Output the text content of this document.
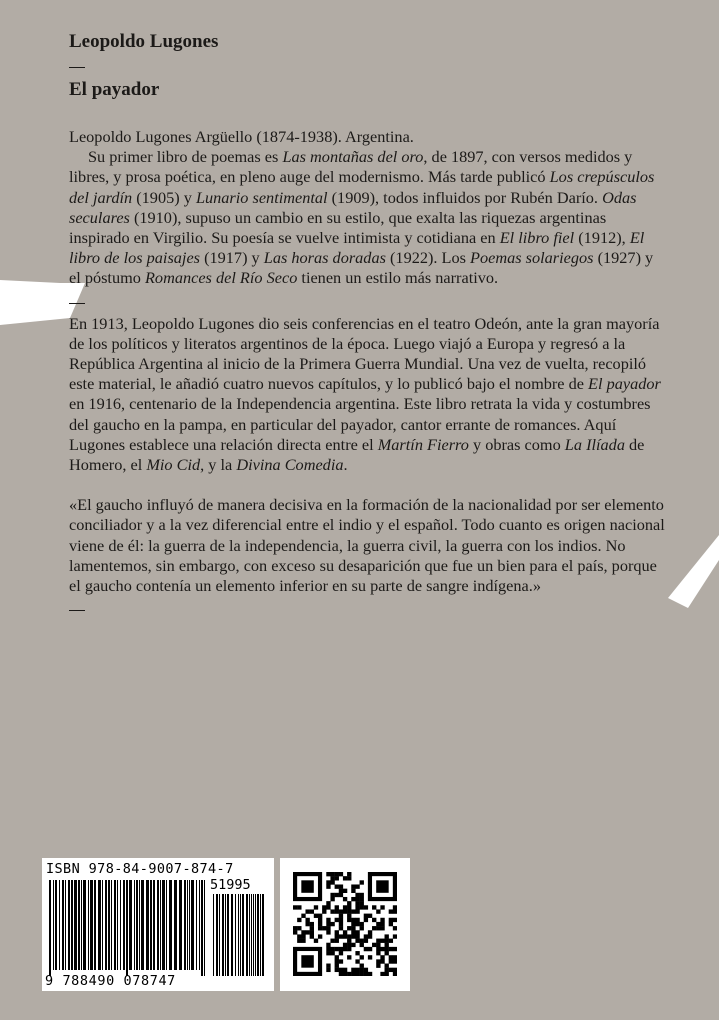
Leopoldo Lugones

El payador

Leopoldo Lugones Argüello (1874-1938). Argentina.

Su primer libro de poemas es Las montañas del oro, de 1897, con versos medidos y libres, y prosa poética, en pleno auge del modernismo. Más tarde publicó Los crepúsculos del jardín (1905) y Lunario sentimental (1909), todos influidos por Rubén Darío. Odas seculares (1910), supuso un cambio en su estilo, que exalta las riquezas argentinas inspirado en Virgilio. Su poesía se vuelve intimista y cotidiana en El libro fiel (1912), El libro de los paisajes (1917) y Las horas doradas (1922). Los Poemas solariegos (1927) y el póstumo Romances del Río Seco tienen un estilo más narrativo.

En 1913, Leopoldo Lugones dio seis conferencias en el teatro Odeón, ante la gran mayoría de los políticos y literatos argentinos de la época. Luego viajó a Europa y regresó a la República Argentina al inicio de la Primera Guerra Mundial. Una vez de vuelta, recopiló este material, le añadió cuatro nuevos capítulos, y lo publicó bajo el nombre de El payador en 1916, centenario de la Independencia argentina. Este libro retrata la vida y costumbres del gaucho en la pampa, en particular del payador, cantor errante de romances. Aquí Lugones establece una relación directa entre el Martín Fierro y obras como La Ilíada de Homero, el Mio Cid, y la Divina Comedia.

«El gaucho influyó de manera decisiva en la formación de la nacionalidad por ser elemento conciliador y a la vez diferencial entre el indio y el español. Todo cuanto es origen nacional viene de él: la guerra de la independencia, la guerra civil, la guerra con los indios. No lamentemos, sin embargo, con exceso su desaparición que fue un bien para el país, porque el gaucho contenía un elemento inferior en su parte de sangre indígena.»

ISBN 978-84-9007-874-7
51995
9 788490 078747
